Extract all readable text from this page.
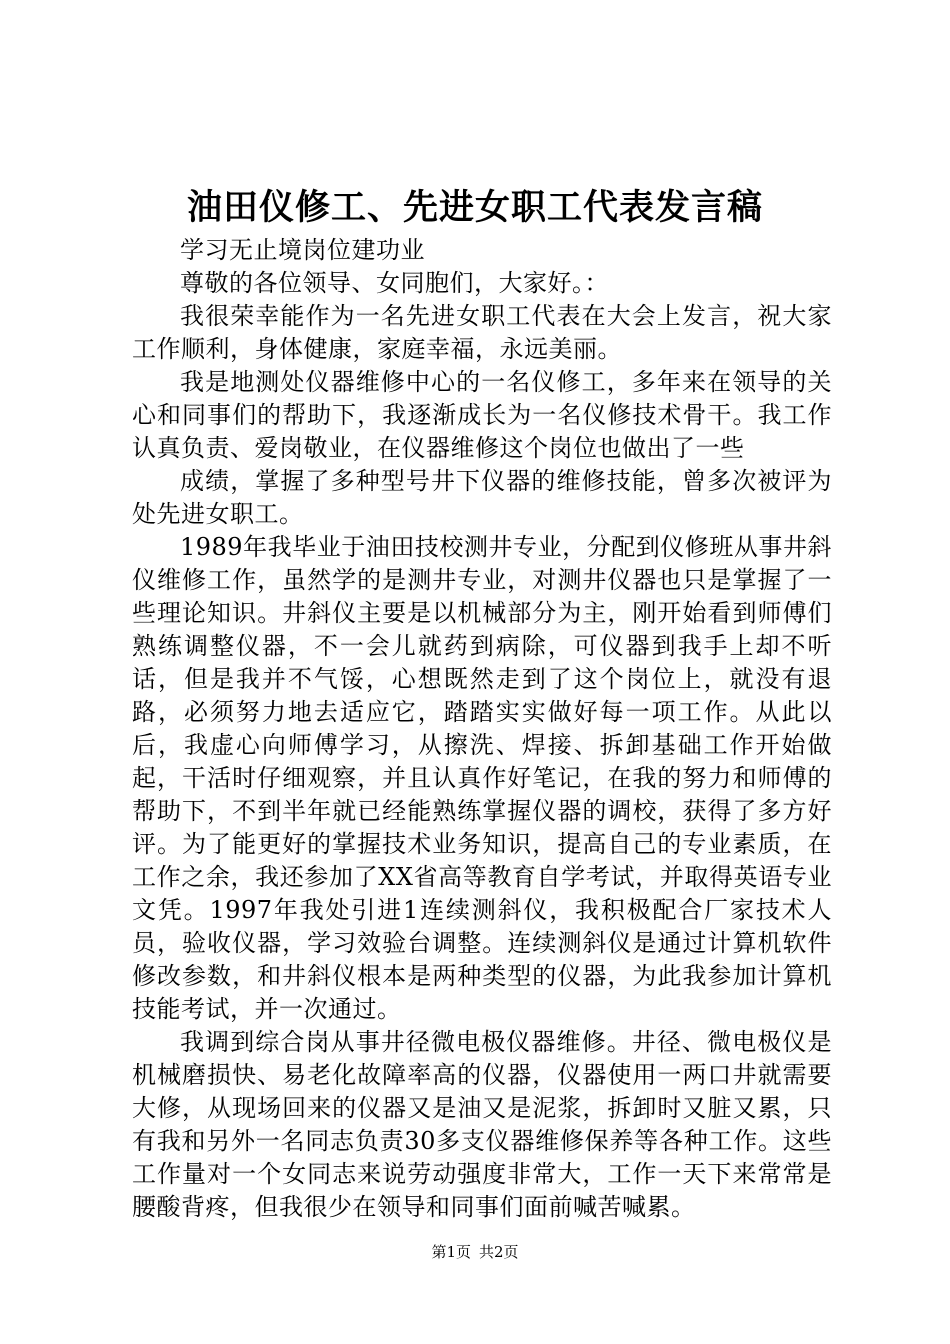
油田仪修工、先进女职工代表发言稿

学习无止境岗位建功业

尊敬的各位领导、女同胞们，大家好。：

我很荣幸能作为一名先进女职工代表在大会上发言，祝大家工作顺利，身体健康，家庭幸福，永远美丽。

我是地测处仪器维修中心的一名仪修工，多年来在领导的关心和同事们的帮助下，我逐渐成长为一名仪修技术骨干。我工作认真负责、爱岗敬业，在仪器维修这个岗位也做出了一些

成绩，掌握了多种型号井下仪器的维修技能，曾多次被评为处先进女职工。

1989年我毕业于油田技校测井专业，分配到仪修班从事井斜仪维修工作，虽然学的是测井专业，对测井仪器也只是掌握了一些理论知识。井斜仪主要是以机械部分为主，刚开始看到师傅们熟练调整仪器，不一会儿就药到病除，可仪器到我手上却不听话，但是我并不气馁，心想既然走到了这个岗位上，就没有退路，必须努力地去适应它，踏踏实实做好每一项工作。从此以后，我虚心向师傅学习，从擦洗、焊接、拆卸基础工作开始做起，干活时仔细观察，并且认真作好笔记，在我的努力和师傅的帮助下，不到半年就已经能熟练掌握仪器的调校，获得了多方好评。为了能更好的掌握技术业务知识，提高自己的专业素质，在工作之余，我还参加了XX省高等教育自学考试，并取得英语专业文凭。1997年我处引进1连续测斜仪，我积极配合厂家技术人员，验收仪器，学习效验台调整。连续测斜仪是通过计算机软件修改参数，和井斜仪根本是两种类型的仪器，为此我参加计算机技能考试，并一次通过。

我调到综合岗从事井径微电极仪器维修。井径、微电极仪是机械磨损快、易老化故障率高的仪器，仪器使用一两口井就需要大修，从现场回来的仪器又是油又是泥浆，拆卸时又脏又累，只有我和另外一名同志负责30多支仪器维修保养等各种工作。这些工作量对一个女同志来说劳动强度非常大，工作一天下来常常是腰酸背疼，但我很少在领导和同事们面前喊苦喊累。

第1页 共2页
